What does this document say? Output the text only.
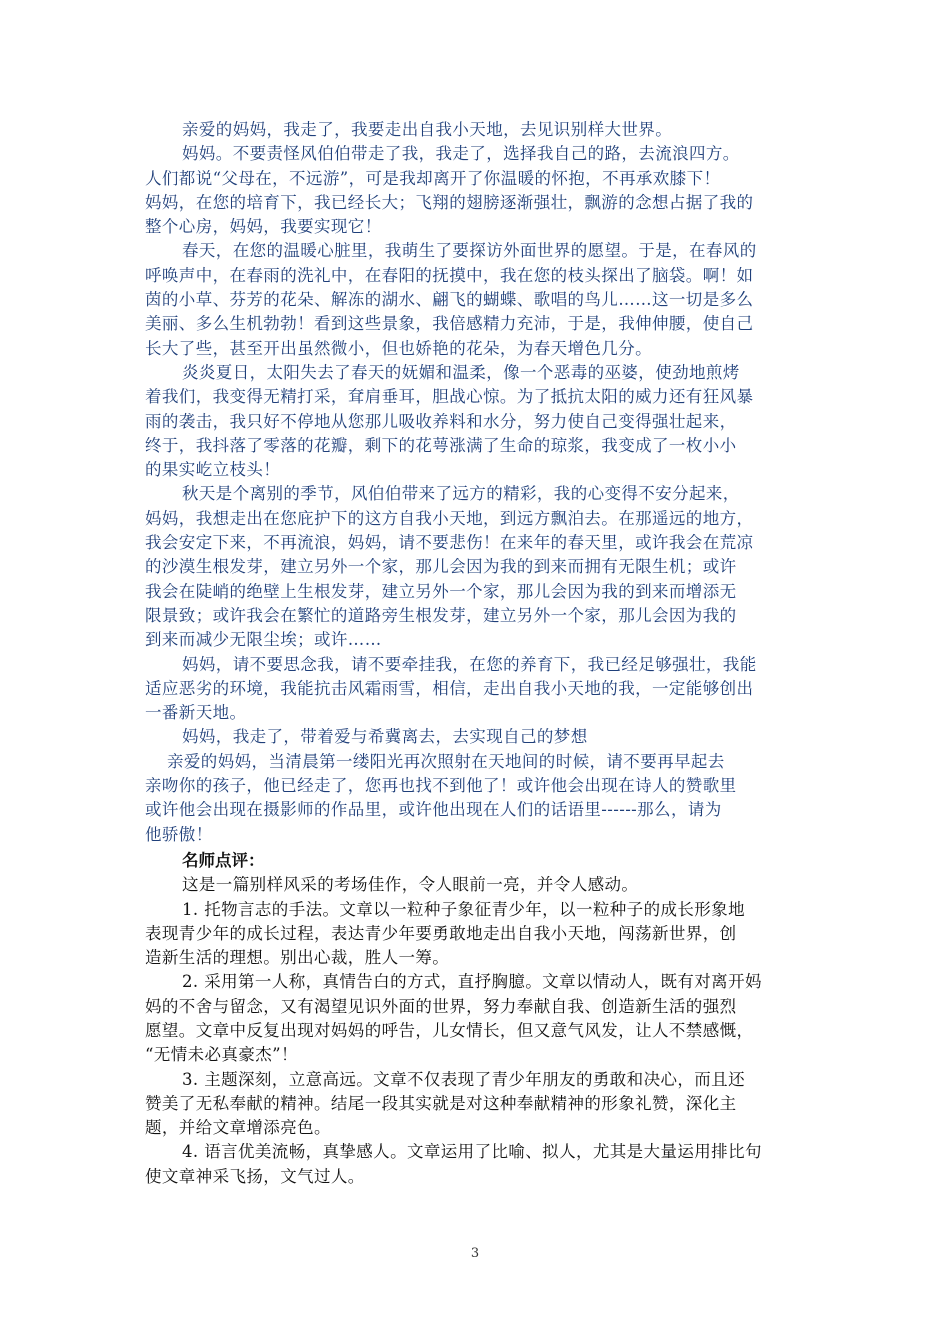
亲爱的妈妈，我走了，我要走出自我小天地，去见识别样大世界。

妈妈。不要责怪风伯伯带走了我，我走了，选择我自己的路，去流浪四方。
人们都说“父母在，不远游”，可是我却离开了你温暖的怀抱，不再承欢膝下！
妈妈，在您的培育下，我已经长大；飞翔的翅膀逐渐强壮，飘游的念想占据了我的
整个心房，妈妈，我要实现它！

春天，在您的温暖心脏里，我萌生了要探访外面世界的愿望。于是，在春风的
呼唤声中，在春雨的洗礼中，在春阳的抚摸中，我在您的枝头探出了脑袋。啊！如
茵的小草、芬芳的花朵、解冻的湖水、翩飞的蝴蝶、歌唱的鸟儿……这一切是多么
美丽、多么生机勃勃！看到这些景象，我倍感精力充沛，于是，我伸伸腰，使自己
长大了些，甚至开出虽然微小，但也娇艳的花朵，为春天增色几分。

炎炎夏日，太阳失去了春天的妩媚和温柔，像一个恶毒的巫婆，使劲地煎烤
着我们，我变得无精打采，耷肩垂耳，胆战心惊。为了抵抗太阳的威力还有狂风暴
雨的袭击，我只好不停地从您那儿吸收养料和水分，努力使自己变得强壮起来，
终于，我抖落了零落的花瓣，剩下的花萼涨满了生命的琼浆，我变成了一枚小小
的果实屹立枝头！

秋天是个离别的季节，风伯伯带来了远方的精彩，我的心变得不安分起来，
妈妈，我想走出在您庇护下的这方自我小天地，到远方飘泊去。在那遥远的地方，
我会安定下来，不再流浪，妈妈，请不要悲伤！在来年的春天里，或许我会在荒凉
的沙漠生根发芽，建立另外一个家，那儿会因为我的到来而拥有无限生机；或许
我会在陡峭的绝壁上生根发芽，建立另外一个家，那儿会因为我的到来而增添无
限景致；或许我会在繁忙的道路旁生根发芽，建立另外一个家，那儿会因为我的
到来而减少无限尘埃；或许……

妈妈，请不要思念我，请不要牵挂我，在您的养育下，我已经足够强壮，我能
适应恶劣的环境，我能抗击风霜雨雪，相信，走出自我小天地的我，一定能够创出
一番新天地。

妈妈，我走了，带着爱与希冀离去，去实现自己的梦想

亲爱的妈妈，当清晨第一缕阳光再次照射在天地间的时候，请不要再早起去
亲吻你的孩子，他已经走了，您再也找不到他了！或许他会出现在诗人的赞歌里
或许他会出现在摄影师的作品里，或许他出现在人们的话语里------那么，请为
他骄傲！

名师点评：

这是一篇别样风采的考场佳作，令人眼前一亮，并令人感动。

1. 托物言志的手法。文章以一粒种子象征青少年，以一粒种子的成长形象地
表现青少年的成长过程，表达青少年要勇敢地走出自我小天地，闯荡新世界，创
造新生活的理想。别出心裁，胜人一筹。

2. 采用第一人称，真情告白的方式，直抒胸臆。文章以情动人，既有对离开妈
妈的不舍与留念，又有渴望见识外面的世界，努力奉献自我、创造新生活的强烈
愿望。文章中反复出现对妈妈的呼告，儿女情长，但又意气风发，让人不禁感慨，
“无情未必真豪杰”！

3. 主题深刻，立意高远。文章不仅表现了青少年朋友的勇敢和决心，而且还
赞美了无私奉献的精神。结尾一段其实就是对这种奉献精神的形象礼赞，深化主
题，并给文章增添亮色。

4. 语言优美流畅，真挚感人。文章运用了比喻、拟人，尤其是大量运用排比句
使文章神采飞扬，文气过人。

3
